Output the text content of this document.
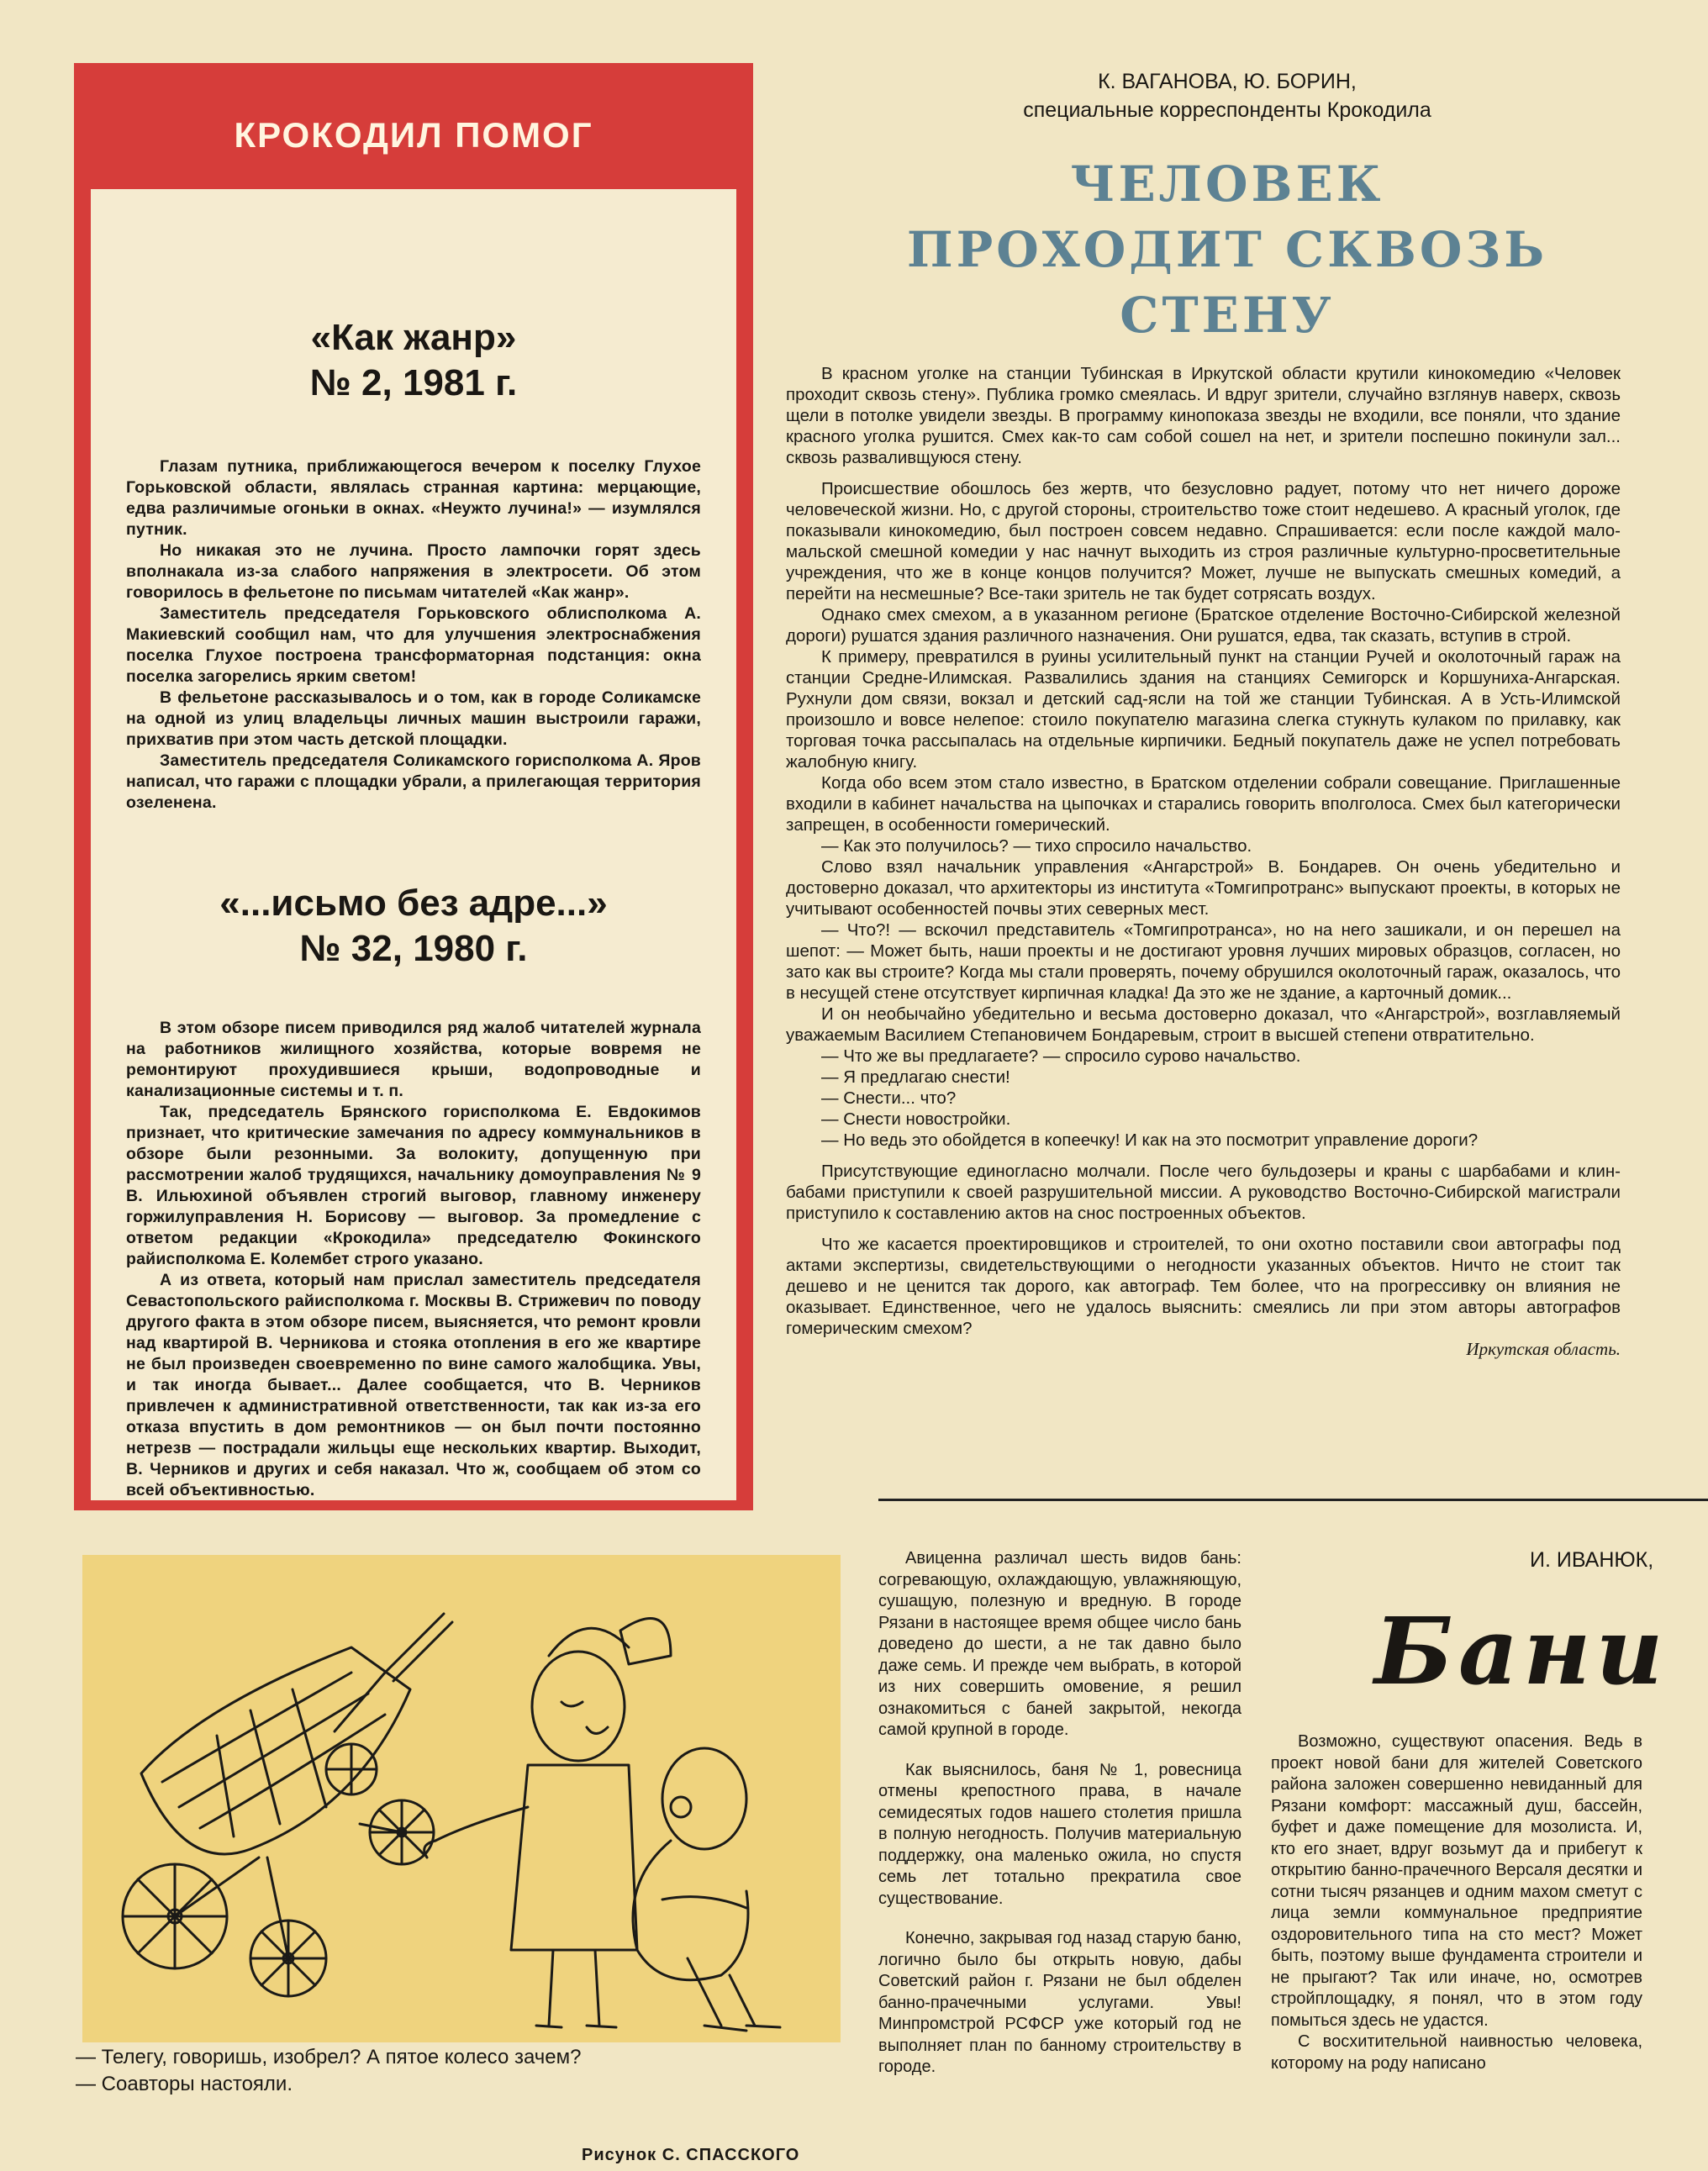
КРОКОДИЛ ПОМОГ
«Как жанр»
№ 2, 1981 г.

Глазам путника, приближающегося вечером к поселку Глухое Горьковской области, являлась странная картина: мерцающие, едва различимые огоньки в окнах. «Неужто лучина!» — изумлялся путник.

Но никакая это не лучина. Просто лампочки горят здесь вполнакала из-за слабого напряжения в электросети. Об этом говорилось в фельетоне по письмам читателей «Как жанр».

Заместитель председателя Горьковского облисполкома А. Макиевский сообщил нам, что для улучшения электроснабжения поселка Глухое построена трансформаторная подстанция: окна поселка загорелись ярким светом!

В фельетоне рассказывалось и о том, как в городе Соликамске на одной из улиц владельцы личных машин выстроили гаражи, прихватив при этом часть детской площадки.

Заместитель председателя Соликамского горисполкома А. Яров написал, что гаражи с площадки убрали, а прилегающая территория озеленена.

«...исьмо без адре...»
№ 32, 1980 г.

В этом обзоре писем приводился ряд жалоб читателей журнала на работников жилищного хозяйства, которые вовремя не ремонтируют прохудившиеся крыши, водопроводные и канализационные системы и т. п.

Так, председатель Брянского горисполкома Е. Евдокимов признает, что критические замечания по адресу коммунальников в обзоре были резонными. За волокиту, допущенную при рассмотрении жалоб трудящихся, начальнику домоуправления № 9 В. Ильюхиной объявлен строгий выговор, главному инженеру горжилуправления Н. Борисову — выговор. За промедление с ответом редакции «Крокодила» председателю Фокинского райисполкома Е. Колембет строго указано.

А из ответа, который нам прислал заместитель председателя Севастопольского райисполкома г. Москвы В. Стрижевич по поводу другого факта в этом обзоре писем, выясняется, что ремонт кровли над квартирой В. Черникова и стояка отопления в его же квартире не был произведен своевременно по вине самого жалобщика. Увы, и так иногда бывает... Далее сообщается, что В. Черников привлечен к административной ответственности, так как из-за его отказа впустить в дом ремонтников — он был почти постоянно нетрезв — пострадали жильцы еще нескольких квартир. Выходит, В. Черников и других и себя наказал. Что ж, сообщаем об этом со всей объективностью.

К. ВАГАНОВА, Ю. БОРИН,
специальные корреспонденты Крокодила
ЧЕЛОВЕК
ПРОХОДИТ СКВОЗЬ
СТЕНУ

В красном уголке на станции Тубинская в Иркутской области крутили кинокомедию «Человек проходит сквозь стену». Публика громко смеялась. И вдруг зрители, случайно взглянув наверх, сквозь щели в потолке увидели звезды. В программу кинопоказа звезды не входили, все поняли, что здание красного уголка рушится. Смех как-то сам собой сошел на нет, и зрители поспешно покинули зал... сквозь разваливщуюся стену.

Происшествие обошлось без жертв, что безусловно радует, потому что нет ничего дороже человеческой жизни. Но, с другой стороны, строительство тоже стоит недешево. А красный уголок, где показывали кинокомедию, был построен совсем недавно. Спрашивается: если после каждой мало-мальской смешной комедии у нас начнут выходить из строя различные культурно-просветительные учреждения, что же в конце концов получится? Может, лучше не выпускать смешных комедий, а перейти на несмешные? Все-таки зритель не так будет сотрясать воздух.

Однако смех смехом, а в указанном регионе (Братское отделение Восточно-Сибирской железной дороги) рушатся здания различного назначения. Они рушатся, едва, так сказать, вступив в строй.

К примеру, превратился в руины усилительный пункт на станции Ручей и околоточный гараж на станции Средне-Илимская. Развалились здания на станциях Семигорск и Коршуниха-Ангарская. Рухнули дом связи, вокзал и детский сад-ясли на той же станции Тубинская. А в Усть-Илимской произошло и вовсе нелепое: стоило покупателю магазина слегка стукнуть кулаком по прилавку, как торговая точка рассыпалась на отдельные кирпичики. Бедный покупатель даже не успел потребовать жалобную книгу.

Когда обо всем этом стало известно, в Братском отделении собрали совещание. Приглашенные входили в кабинет начальства на цыпочках и старались говорить вполголоса. Смех был категорически запрещен, в особенности гомерический.

— Как это получилось? — тихо спросило начальство.

Слово взял начальник управления «Ангарстрой» В. Бондарев. Он очень убедительно и достоверно доказал, что архитекторы из института «Томгипротранс» выпускают проекты, в которых не учитывают особенностей почвы этих северных мест.

— Что?! — вскочил представитель «Томгипротранса», но на него зашикали, и он перешел на шепот: — Может быть, наши проекты и не достигают уровня лучших мировых образцов, согласен, но зато как вы строите? Когда мы стали проверять, почему обрушился околоточный гараж, оказалось, что в несущей стене отсутствует кирпичная кладка! Да это же не здание, а карточный домик...

И он необычайно убедительно и весьма достоверно доказал, что «Ангарстрой», возглавляемый уважаемым Василием Степановичем Бондаревым, строит в высшей степени отвратительно.

— Что же вы предлагаете? — спросило сурово начальство.

— Я предлагаю снести!

— Снести... что?

— Снести новостройки.

— Но ведь это обойдется в копеечку! И как на это посмотрит управление дороги?

Присутствующие единогласно молчали. После чего бульдозеры и краны с шарбабами и клин-бабами приступили к своей разрушительной миссии. А руководство Восточно-Сибирской магистрали приступило к составлению актов на снос построенных объектов.

Что же касается проектировщиков и строителей, то они охотно поставили свои автографы под актами экспертизы, свидетельствующими о негодности указанных объектов. Ничто не стоит так дешево и не ценится так дорого, как автограф. Тем более, что на прогрессивку он влияния не оказывает. Единственное, чего не удалось выяснить: смеялись ли при этом авторы автографов гомерическим смехом?

Иркутская область.
— Телегу, говоришь, изобрел? А пятое колесо зачем?
— Соавторы настояли.
Рисунок С. СПАССКОГО

Авиценна различал шесть видов бань: согревающую, охлаждающую, увлажняющую, сушащую, полезную и вредную. В городе Рязани в настоящее время общее число бань доведено до шести, а не так давно было даже семь. И прежде чем выбрать, в которой из них совершить омовение, я решил ознакомиться с баней закрытой, некогда самой крупной в городе.

Как выяснилось, баня № 1, ровесница отмены крепостного права, в начале семидесятых годов нашего столетия пришла в полную негодность. Получив материальную поддержку, она маленько ожила, но спустя семь лет тотально прекратила свое существование.

Конечно, закрывая год назад старую баню, логично было бы открыть новую, дабы Советский район г. Рязани не был обделен банно-прачечными услугами. Увы! Минпромстрой РСФСР уже который год не выполняет план по банному строительству в городе.

И. ИВАНЮК,
Бани

Возможно, существуют опасения. Ведь в проект новой бани для жителей Советского района заложен совершенно невиданный для Рязани комфорт: массажный душ, бассейн, буфет и даже помещение для мозолиста. И, кто его знает, вдруг возьмут да и прибегут к открытию банно-прачечного Версаля десятки и сотни тысяч рязанцев и одним махом сметут с лица земли коммунальное предприятие оздоровительного типа на сто мест? Может быть, поэтому выше фундамента строители и не прыгают? Так или иначе, но, осмотрев стройплощадку, я понял, что в этом году помыться здесь не удастся.

С восхитительной наивностью человека, которому на роду написано
